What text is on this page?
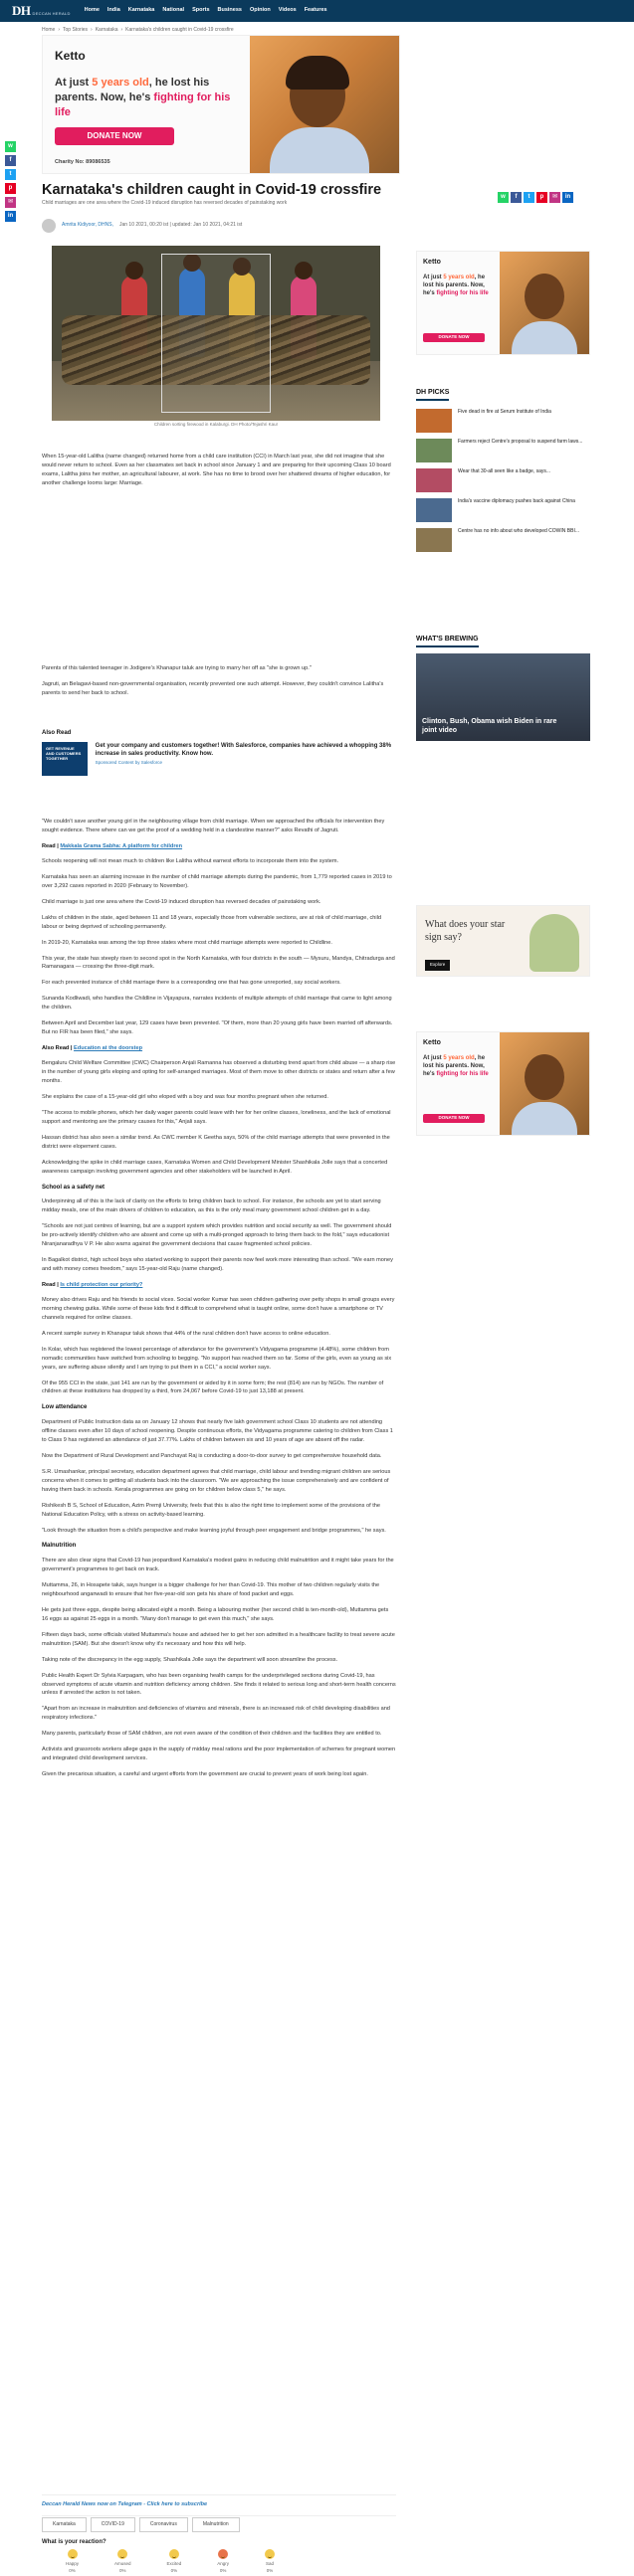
DH DECCAN HERALD
Home India Karnataka National Sports Business Opinion Videos Features
Home › Top Stories › Karnataka › Karnataka's children caught in Covid-19 crossfire
Ketto
At just 5 years old, he lost his parents. Now, he's fighting for his life
DONATE NOW
Charity No: 89086535
w
f
t
p
✉
in
Karnataka's children caught in Covid-19 crossfire	w	f	t	p	✉	in
Child marriages are one area where the Covid-19 induced disruption has reversed decades of painstaking work
Amrita Kidiyoor, DHNS, Jan 10 2021, 00:20 ist | updated: Jan 10 2021, 04:21 ist
Children sorting firewood in Kalaburgi. DH Photo/Tejashri Kaur

When 15-year-old Lalitha (name changed) returned home from a child care institution (CCI) in March last year, she did not imagine that she would never return to school. Even as her classmates set back in school since January 1 and are preparing for their upcoming Class 10 board exams, Lalitha joins her mother, an agricultural labourer, at work. She has no time to brood over her shattered dreams of higher education, for another challenge looms large: Marriage.

Parents of this talented teenager in Jodigere's Khanapur taluk are trying to marry her off as "she is grown up."

Jagruti, an Belagavi-based non-governmental organisation, recently prevented one such attempt. However, they couldn't convince Lalitha's parents to send her back to school.

Also Read
GET REVENUE AND CUSTOMERS TOGETHER
Get your company and customers together! With Salesforce, companies have achieved a whopping 38% increase in sales productivity. Know how.
Sponsored Content by Salesforce

"We couldn't save another young girl in the neighbouring village from child marriage. When we approached the officials for intervention they sought evidence. There where can we get the proof of a wedding held in a clandestine manner?" asks Revathi of Jagruti.

Read | Makkala Grama Sabha: A platform for children

Schools reopening will not mean much to children like Lalitha without earnest efforts to incorporate them into the system.

Karnataka has seen an alarming increase in the number of child marriage attempts during the pandemic, from 1,779 reported cases in 2019 to over 3,292 cases reported in 2020 (February to November).

Child marriage is just one area where the Covid-19 induced disruption has reversed decades of painstaking work.

Lakhs of children in the state, aged between 11 and 18 years, especially those from vulnerable sections, are at risk of child marriage, child labour or being deprived of schooling permanently.

In 2019-20, Karnataka was among the top three states where most child marriage attempts were reported to Childline.

This year, the state has steeply risen to second spot in the North Karnataka, with four districts in the south — Mysuru, Mandya, Chitradurga and Ramanagara — crossing the three-digit mark.

For each prevented instance of child marriage there is a corresponding one that has gone unreported, say social workers.

Sunanda Kodliwadi, who handles the Childline in Vijayapura, narrates incidents of multiple attempts of child marriage that came to light among the children.

Between April and December last year, 129 cases have been prevented. "Of them, more than 20 young girls have been married off afterwards. But no FIR has been filed," she says.

Also Read | Education at the doorstep

Bengaluru Child Welfare Committee (CWC) Chairperson Anjali Ramanna has observed a disturbing trend apart from child abuse — a sharp rise in the number of young girls eloping and opting for self-arranged marriages. Most of them move to other districts or states and return after a few months.

She explains the case of a 15-year-old girl who eloped with a boy and was four months pregnant when she returned.

"The access to mobile phones, which her daily wager parents could leave with her for her online classes, loneliness, and the lack of emotional support and mentoring are the primary causes for this," Anjali says.

Hassan district has also seen a similar trend. As CWC member K Geetha says, 50% of the child marriage attempts that were prevented in the district were elopement cases.

Acknowledging the spike in child marriage cases, Karnataka Women and Child Development Minister Shashikala Jolle says that a concerted awareness campaign involving government agencies and other stakeholders will be launched in April.

School as a safety net

Underpinning all of this is the lack of clarity on the efforts to bring children back to school. For instance, the schools are yet to start serving midday meals, one of the main drivers of children to education, as this is the only meal many government school children get in a day.

"Schools are not just centres of learning, but are a support system which provides nutrition and social security as well. The government should be pro-actively identify children who are absent and come up with a multi-pronged approach to bring them back to the fold," says educationist Niranjanaradhya V P. He also warns against the government decisions that cause fragmented school policies.

In Bagalkot district, high school boys who started working to support their parents now feel work more interesting than school. "We earn money and with money comes freedom," says 15-year-old Raju (name changed).

Read | Is child protection our priority?

Money also drives Raju and his friends to social vices. Social worker Kumar has seen children gathering over petty shops in small groups every morning chewing gutka. While some of these kids find it difficult to comprehend what is taught online, some don't have a smartphone or TV channels required for online classes.

A recent sample survey in Khanapur taluk shows that 44% of the rural children don't have access to online education.

In Kolar, which has registered the lowest percentage of attendance for the government's Vidyagama programme (4.48%), some children from nomadic communities have switched from schooling to begging. "No support has reached them so far. Some of the girls, even as young as six years, are suffering abuse silently and I am trying to put them in a CCI," a social worker says.

Of the 955 CCI in the state, just 141 are run by the government or aided by it in some form; the rest (814) are run by NGOs. The number of children at these institutions has dropped by a third, from 24,067 before Covid-19 to just 13,188 at present.

Low attendance

Department of Public Instruction data as on January 12 shows that nearly five lakh government school Class 10 students are not attending offline classes even after 10 days of school reopening. Despite continuous efforts, the Vidyagama programme catering to children from Class 1 to Class 9 has registered an attendance of just 37.77%. Lakhs of children between six and 10 years of age are absent off the radar.

Now the Department of Rural Development and Panchayat Raj is conducting a door-to-door survey to get comprehensive household data.

S.R. Umashankar, principal secretary, education department agrees that child marriage, child labour and trending migrant children are serious concerns when it comes to getting all students back into the classroom. "We are approaching the issue comprehensively and are confident of having them back in schools. Kerala programmes are going on for children below class 5," he says.

Rishikesh B S, School of Education, Azim Premji University, feels that this is also the right time to implement some of the provisions of the National Education Policy, with a stress on activity-based learning.

"Look through the situation from a child's perspective and make learning joyful through peer engagement and bridge programmes," he says.

Malnutrition

There are also clear signs that Covid-19 has jeopardised Karnataka's modest gains in reducing child malnutrition and it might take years for the government's programmes to get back on track.

Muttamma, 26, in Hosapete taluk, says hunger is a bigger challenge for her than Covid-19. This mother of two children regularly visits the neighbourhood anganwadi to ensure that her five-year-old son gets his share of food packet and eggs.

He gets just three eggs, despite being allocated eight a month. Being a labouring mother (her second child is ten-month-old), Muttamma gets 16 eggs as against 25 eggs in a month. "Many don't manage to get even this much," she says.

Fifteen days back, some officials visited Muttamma's house and advised her to get her son admitted in a healthcare facility to treat severe acute malnutrition (SAM). But she doesn't know why it's necessary and how this will help.

Taking note of the discrepancy in the egg supply, Shashikala Jolle says the department will soon streamline the process.

Public Health Expert Dr Sylvia Karpagam, who has been organising health camps for the underprivileged sections during Covid-19, has observed symptoms of acute vitamin and nutrition deficiency among children. She finds it related to serious long and short-term health concerns unless if arrested the action is not taken.

"Apart from an increase in malnutrition and deficiencies of vitamins and minerals, there is an increased risk of child developing disabilities and respiratory infections."

Many parents, particularly those of SAM children, are not even aware of the condition of their children and the facilities they are entitled to.

Activists and grassroots workers allege gaps in the supply of midday meal rations and the poor implementation of schemes for pregnant women and integrated child development services.

Given the precarious situation, a careful and urgent efforts from the government are crucial to prevent years of work being lost again.

Deccan Herald News now on Telegram - Click here to subscribe
Karnataka	COVID-19	Coronavirus	Malnutrition
What is your reaction?
Happy
0%
Amused
0%
Excited
0%
Angry
0%
Sad
0%
Ketto
At just 5 years old, he lost his parents. Now, he's fighting for his life
DONATE NOW
DH PICKS
Five dead in fire at Serum Institute of India
Farmers reject Centre's proposal to suspend farm laws...
Wear that 30-all seen like a badge, says...
India's vaccine diplomacy pushes back against China
Centre has no info about who developed COWIN BBI...
WHAT'S BREWING
Clinton, Bush, Obama wish Biden in rare joint video
What does your star sign say?
Explore
Ketto
At just 5 years old, he lost his parents. Now, he's fighting for his life
DONATE NOW
